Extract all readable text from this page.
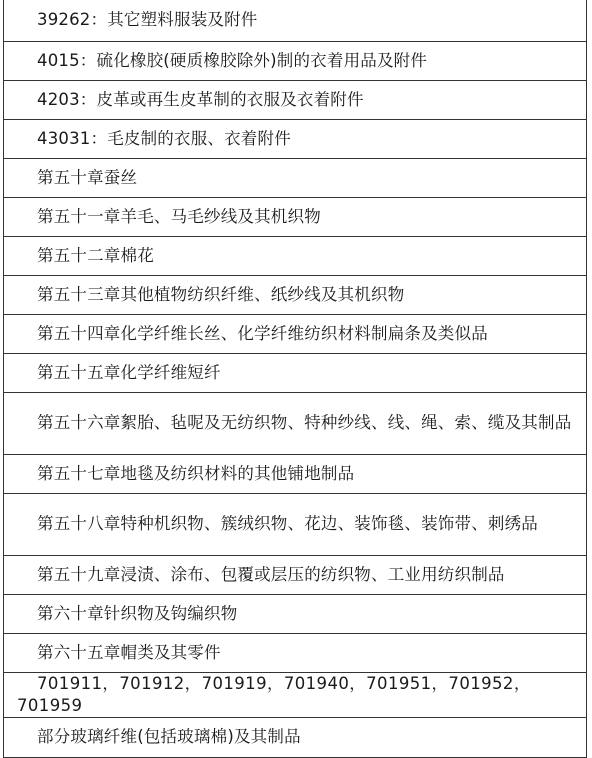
39262：其它塑料服装及附件
4015：硫化橡胶(硬质橡胶除外)制的衣着用品及附件
4203：皮革或再生皮革制的衣服及衣着附件
43031：毛皮制的衣服、衣着附件
第五十章蚕丝
第五十一章羊毛、马毛纱线及其机织物
第五十二章棉花
第五十三章其他植物纺织纤维、纸纱线及其机织物
第五十四章化学纤维长丝、化学纤维纺织材料制扁条及类似品
第五十五章化学纤维短纤
第五十六章絮胎、毡呢及无纺织物、特种纱线、线、绳、索、缆及其制品
第五十七章地毯及纺织材料的其他铺地制品
第五十八章特种机织物、簇绒织物、花边、装饰毯、装饰带、刺绣品
第五十九章浸渍、涂布、包覆或层压的纺织物、工业用纺织制品
第六十章针织物及钩编织物
第六十五章帽类及其零件
701911，701912，701919，701940，701951，701952，701959
部分玻璃纤维(包括玻璃棉)及其制品
